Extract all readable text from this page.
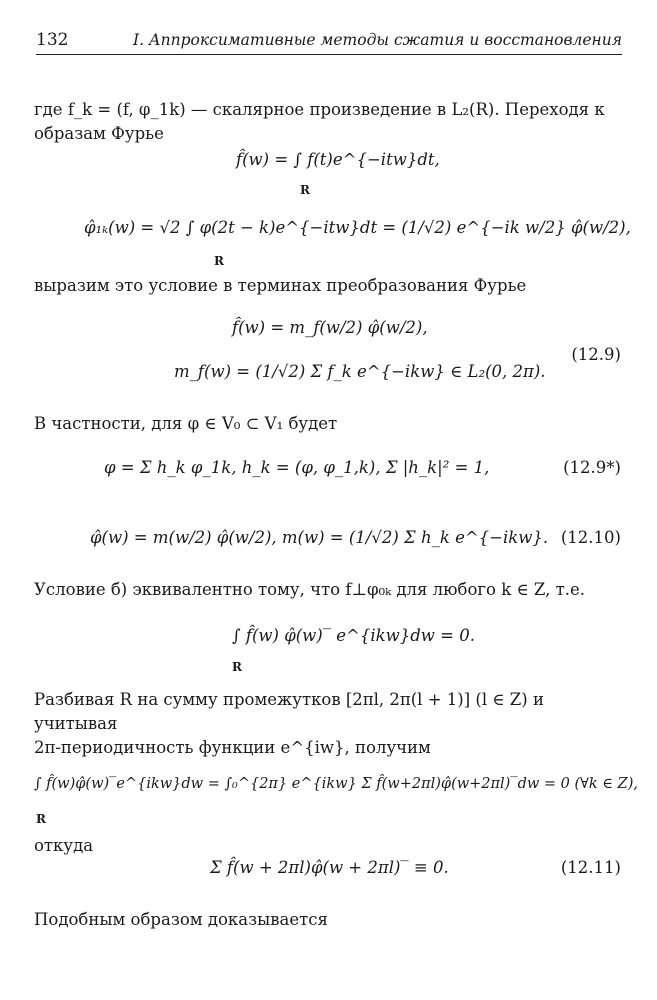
132	I. Аппроксимативные методы сжатия и восстановления
где f_k = (f, φ_1k) — скалярное произведение в L₂(R). Переходя к
образам Фурье
f̂(w) = ∫ f(t)e^{−itw}dt,
R
φ̂₁ₖ(w) = √2 ∫ φ(2t − k)e^{−itw}dt = (1/√2) e^{−ik w/2} φ̂(w/2),
R
выразим это условие в терминах преобразования Фурье
f̂(w) = m_f(w/2) φ̂(w/2),
m_f(w) = (1/√2) Σ f_k e^{−ikw} ∈ L₂(0, 2π).
(12.9)
В частности, для φ ∈ V₀ ⊂ V₁ будет
φ = Σ h_k φ_1k, h_k = (φ, φ_1,k), Σ |h_k|² = 1,	(12.9*)
φ̂(w) = m(w/2) φ̂(w/2), m(w) = (1/√2) Σ h_k e^{−ikw}. (12.10)
Условие б) эквивалентно тому, что f⊥φ₀ₖ для любого k ∈ Z, т.е.
∫ f̂(w) φ̂(w)‾ e^{ikw}dw = 0.
R
Разбивая R на сумму промежутков [2πl, 2π(l + 1)] (l ∈ Z) и учитывая
2π-периодичность функции e^{iw}, получим
∫ f̂(w)φ̂(w)‾e^{ikw}dw = ∫₀^{2π} e^{ikw} Σ f̂(w+2πl)φ̂(w+2πl)‾dw = 0 (∀k ∈ Z),
R
откуда
Σ f̂(w + 2πl)φ̂(w + 2πl)‾ ≡ 0.	(12.11)
Подобным образом доказывается
